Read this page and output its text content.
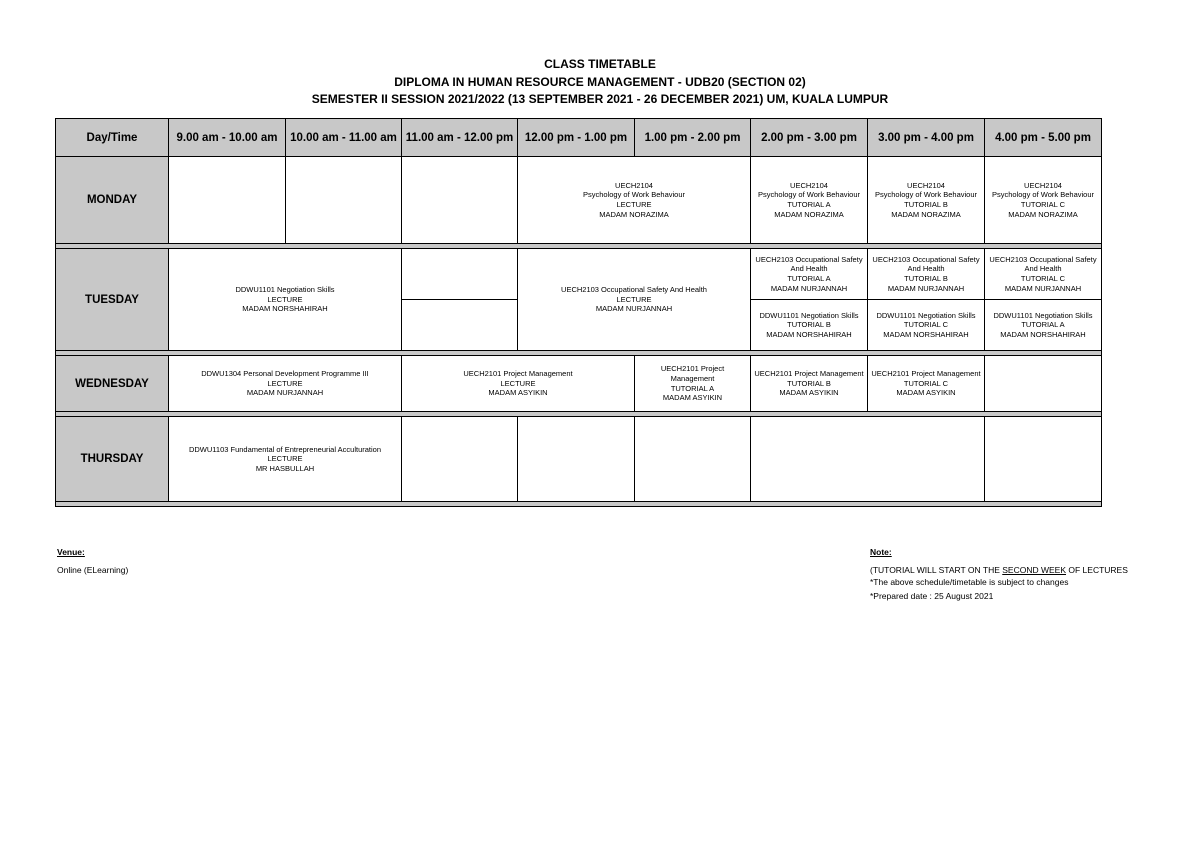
CLASS TIMETABLE
DIPLOMA IN HUMAN RESOURCE MANAGEMENT - UDB20 (SECTION 02)
SEMESTER II SESSION 2021/2022 (13 SEPTEMBER 2021 - 26 DECEMBER 2021) UM, KUALA LUMPUR
Day/Time	9.00 am - 10.00 am	10.00 am - 11.00 am	11.00 am - 12.00 pm	12.00 pm - 1.00 pm	1.00 pm - 2.00 pm	2.00 pm - 3.00 pm	3.00 pm - 4.00 pm	4.00 pm - 5.00 pm
MONDAY				UECH2104
Psychology of Work Behaviour
LECTURE
MADAM NORAZIMA		UECH2104
Psychology of Work Behaviour
TUTORIAL A
MADAM NORAZIMA	UECH2104
Psychology of Work Behaviour
TUTORIAL B
MADAM NORAZIMA	UECH2104
Psychology of Work Behaviour
TUTORIAL C
MADAM NORAZIMA

TUESDAY	DDWU1101 Negotiation Skills
LECTURE
MADAM NORSHAHIRAH			UECH2103 Occupational Safety And Health
LECTURE
MADAM NURJANNAH		UECH2103 Occupational Safety And Health
TUTORIAL A
MADAM NURJANNAH	UECH2103 Occupational Safety And Health
TUTORIAL B
MADAM NURJANNAH	UECH2103 Occupational Safety And Health
TUTORIAL C
MADAM NURJANNAH

						DDWU1101 Negotiation Skills
TUTORIAL B
MADAM NORSHAHIRAH	DDWU1101 Negotiation Skills
TUTORIAL C
MADAM NORSHAHIRAH	DDWU1101 Negotiation Skills
TUTORIAL A
MADAM NORSHAHIRAH

WEDNESDAY	DDWU1304 Personal Development Programme III
LECTURE
MADAM NURJANNAH		UECH2101 Project Management
LECTURE
MADAM ASYIKIN		UECH2101 Project Management
TUTORIAL A
MADAM ASYIKIN	UECH2101 Project Management
TUTORIAL B
MADAM ASYIKIN	UECH2101 Project Management
TUTORIAL C
MADAM ASYIKIN	

THURSDAY	DDWU1103 Fundamental of Entrepreneurial Acculturation
LECTURE
MR HASBULLAH							

Venue:
Online (ELearning)
Note:
(TUTORIAL WILL START ON THE SECOND WEEK OF LECTURES
*The above schedule/timetable is subject to changes
*Prepared date : 25 August 2021
